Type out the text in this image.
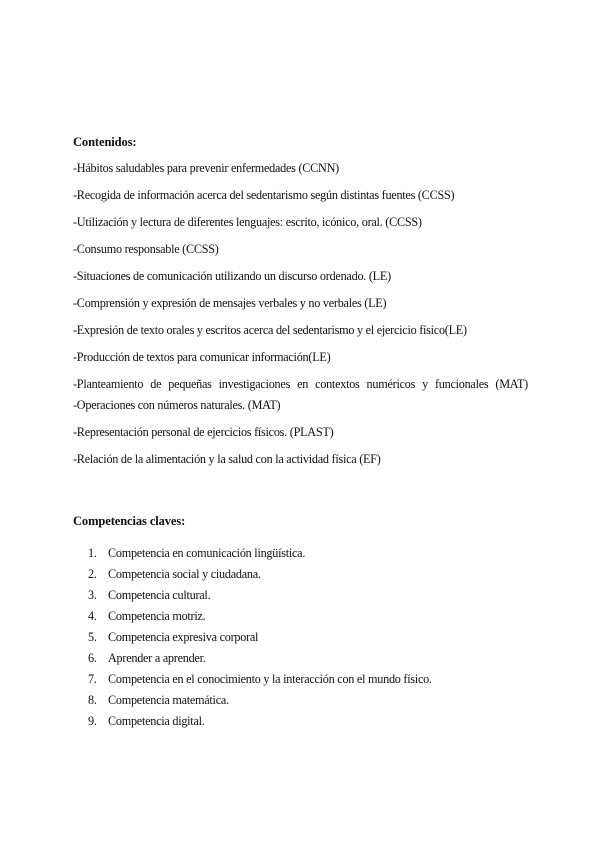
Contenidos:
-Hábitos saludables para prevenir enfermedades (CCNN)
-Recogida de información acerca del sedentarismo según distintas fuentes (CCSS)
-Utilización y lectura de diferentes lenguajes: escrito, icónico, oral. (CCSS)
-Consumo responsable (CCSS)
-Situaciones de comunicación utilizando un discurso ordenado. (LE)
-Comprensión y expresión de mensajes verbales y no verbales (LE)
-Expresión de texto orales y escritos acerca del sedentarismo y el ejercicio físico(LE)
-Producción de textos para comunicar información(LE)
-Planteamiento de pequeñas investigaciones en contextos numéricos y funcionales (MAT)
-Operaciones con números naturales. (MAT)
-Representación personal de ejercicios físicos. (PLAST)
-Relación de la alimentación y la salud con la actividad física (EF)
Competencias claves:
1. Competencia en comunicación lingüística.
2. Competencia social y ciudadana.
3. Competencia cultural.
4. Competencia motriz.
5. Competencia expresiva corporal
6. Aprender a aprender.
7. Competencia en el conocimiento y la interacción con el mundo físico.
8. Competencia matemática.
9. Competencia digital.
